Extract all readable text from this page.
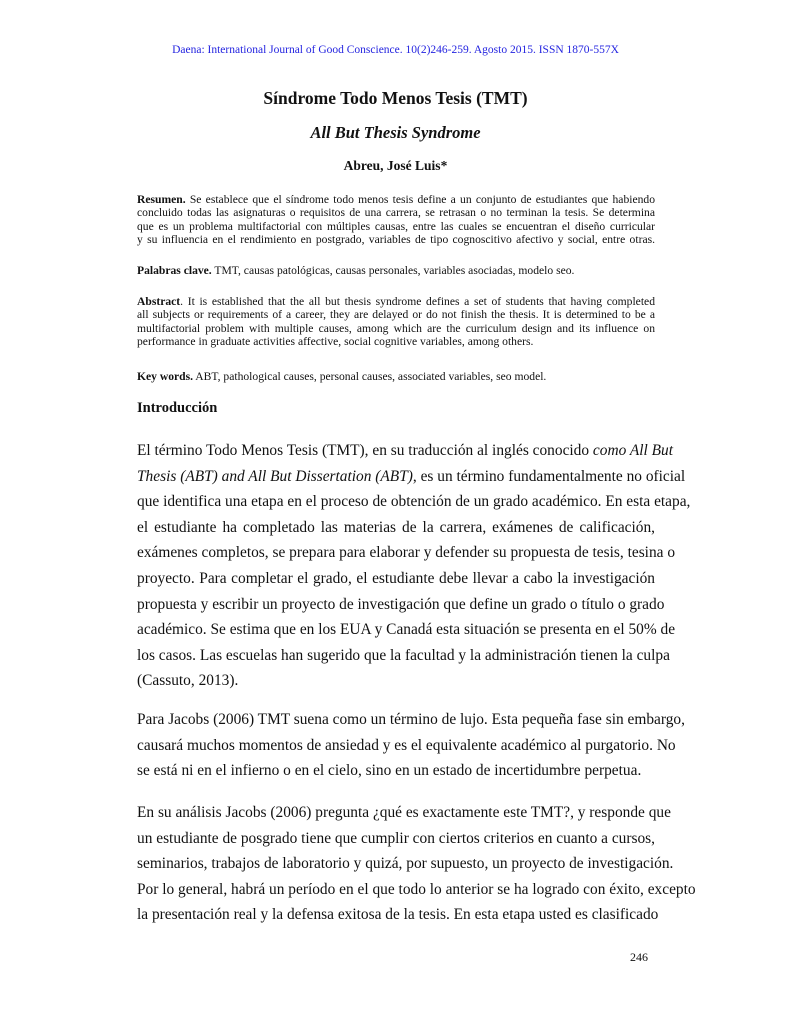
Daena: International Journal of Good Conscience. 10(2)246-259. Agosto 2015. ISSN 1870-557X
Síndrome Todo Menos Tesis (TMT)
All But Thesis Syndrome
Abreu, José Luis*
Resumen. Se establece que el síndrome todo menos tesis define a un conjunto de estudiantes que habiendo
concluido todas las asignaturas o requisitos de una carrera, se retrasan o no terminan la tesis. Se determina
que es un problema multifactorial con múltiples causas, entre las cuales se encuentran el diseño curricular
y su influencia en el rendimiento en postgrado, variables de tipo cognoscitivo afectivo y social, entre otras.
Palabras clave. TMT, causas patológicas, causas personales, variables asociadas, modelo seo.
Abstract. It is established that the all but thesis syndrome defines a set of students that having completed
all subjects or requirements of a career, they are delayed or do not finish the thesis. It is determined to be a
multifactorial problem with multiple causes, among which are the curriculum design and its influence on
performance in graduate activities affective, social cognitive variables, among others.
Key words. ABT, pathological causes, personal causes, associated variables, seo model.
Introducción
El término Todo Menos Tesis (TMT), en su traducción al inglés conocido como All But
Thesis (ABT) and All But Dissertation (ABT), es un término fundamentalmente no oficial
que identifica una etapa en el proceso de obtención de un grado académico. En esta etapa,
el estudiante ha completado las materias de la carrera, exámenes de calificación,
exámenes completos, se prepara para elaborar y defender su propuesta de tesis, tesina o
proyecto. Para completar el grado, el estudiante debe llevar a cabo la investigación
propuesta y escribir un proyecto de investigación que define un grado o título o grado
académico. Se estima que en los EUA y Canadá esta situación se presenta en el 50% de
los casos. Las escuelas han sugerido que la facultad y la administración tienen la culpa
(Cassuto, 2013).
Para Jacobs (2006) TMT suena como un término de lujo. Esta pequeña fase sin embargo,
causará muchos momentos de ansiedad y es el equivalente académico al purgatorio. No
se está ni en el infierno o en el cielo, sino en un estado de incertidumbre perpetua.
En su análisis Jacobs (2006) pregunta ¿qué es exactamente este TMT?, y responde que
un estudiante de posgrado tiene que cumplir con ciertos criterios en cuanto a cursos,
seminarios, trabajos de laboratorio y quizá, por supuesto, un proyecto de investigación.
Por lo general, habrá un período en el que todo lo anterior se ha logrado con éxito, excepto
la presentación real y la defensa exitosa de la tesis. En esta etapa usted es clasificado
246
